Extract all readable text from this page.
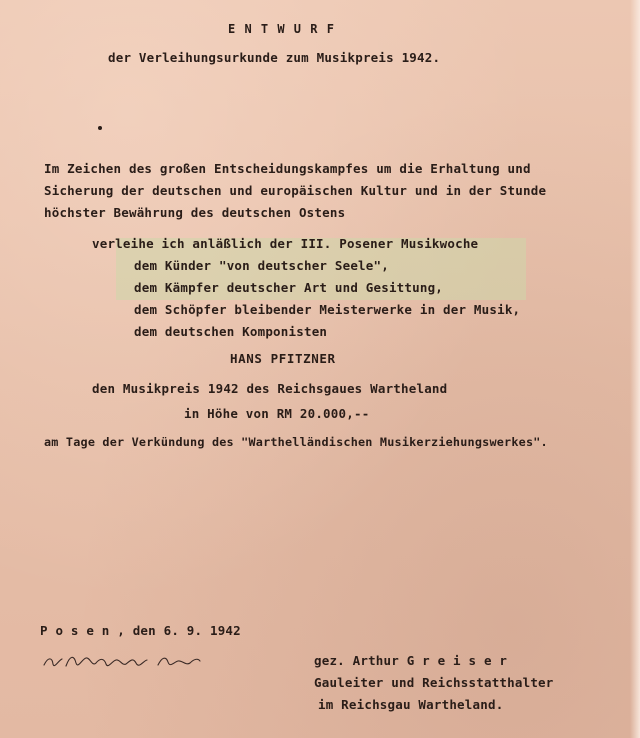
E N T W U R F
der Verleihungsurkunde zum Musikpreis 1942.
Im Zeichen des großen Entscheidungskampfes um die Erhaltung und
Sicherung der deutschen und europäischen Kultur und in der Stunde
höchster Bewährung des deutschen Ostens
verleihe ich anläßlich der III. Posener Musikwoche
dem Künder "von deutscher Seele",
dem Kämpfer deutscher Art und Gesittung,
dem Schöpfer bleibender Meisterwerke in der Musik,
dem deutschen Komponisten
HANS PFITZNER
den Musikpreis 1942 des Reichsgaues Wartheland
in Höhe von RM 20.000,--
am Tage der Verkündung des "Warthelländischen Musikerziehungswerkes".
P o s e n , den 6. 9. 1942
gez. Arthur G r e i s e r
Gauleiter und Reichsstatthalter
im Reichsgau Wartheland.
